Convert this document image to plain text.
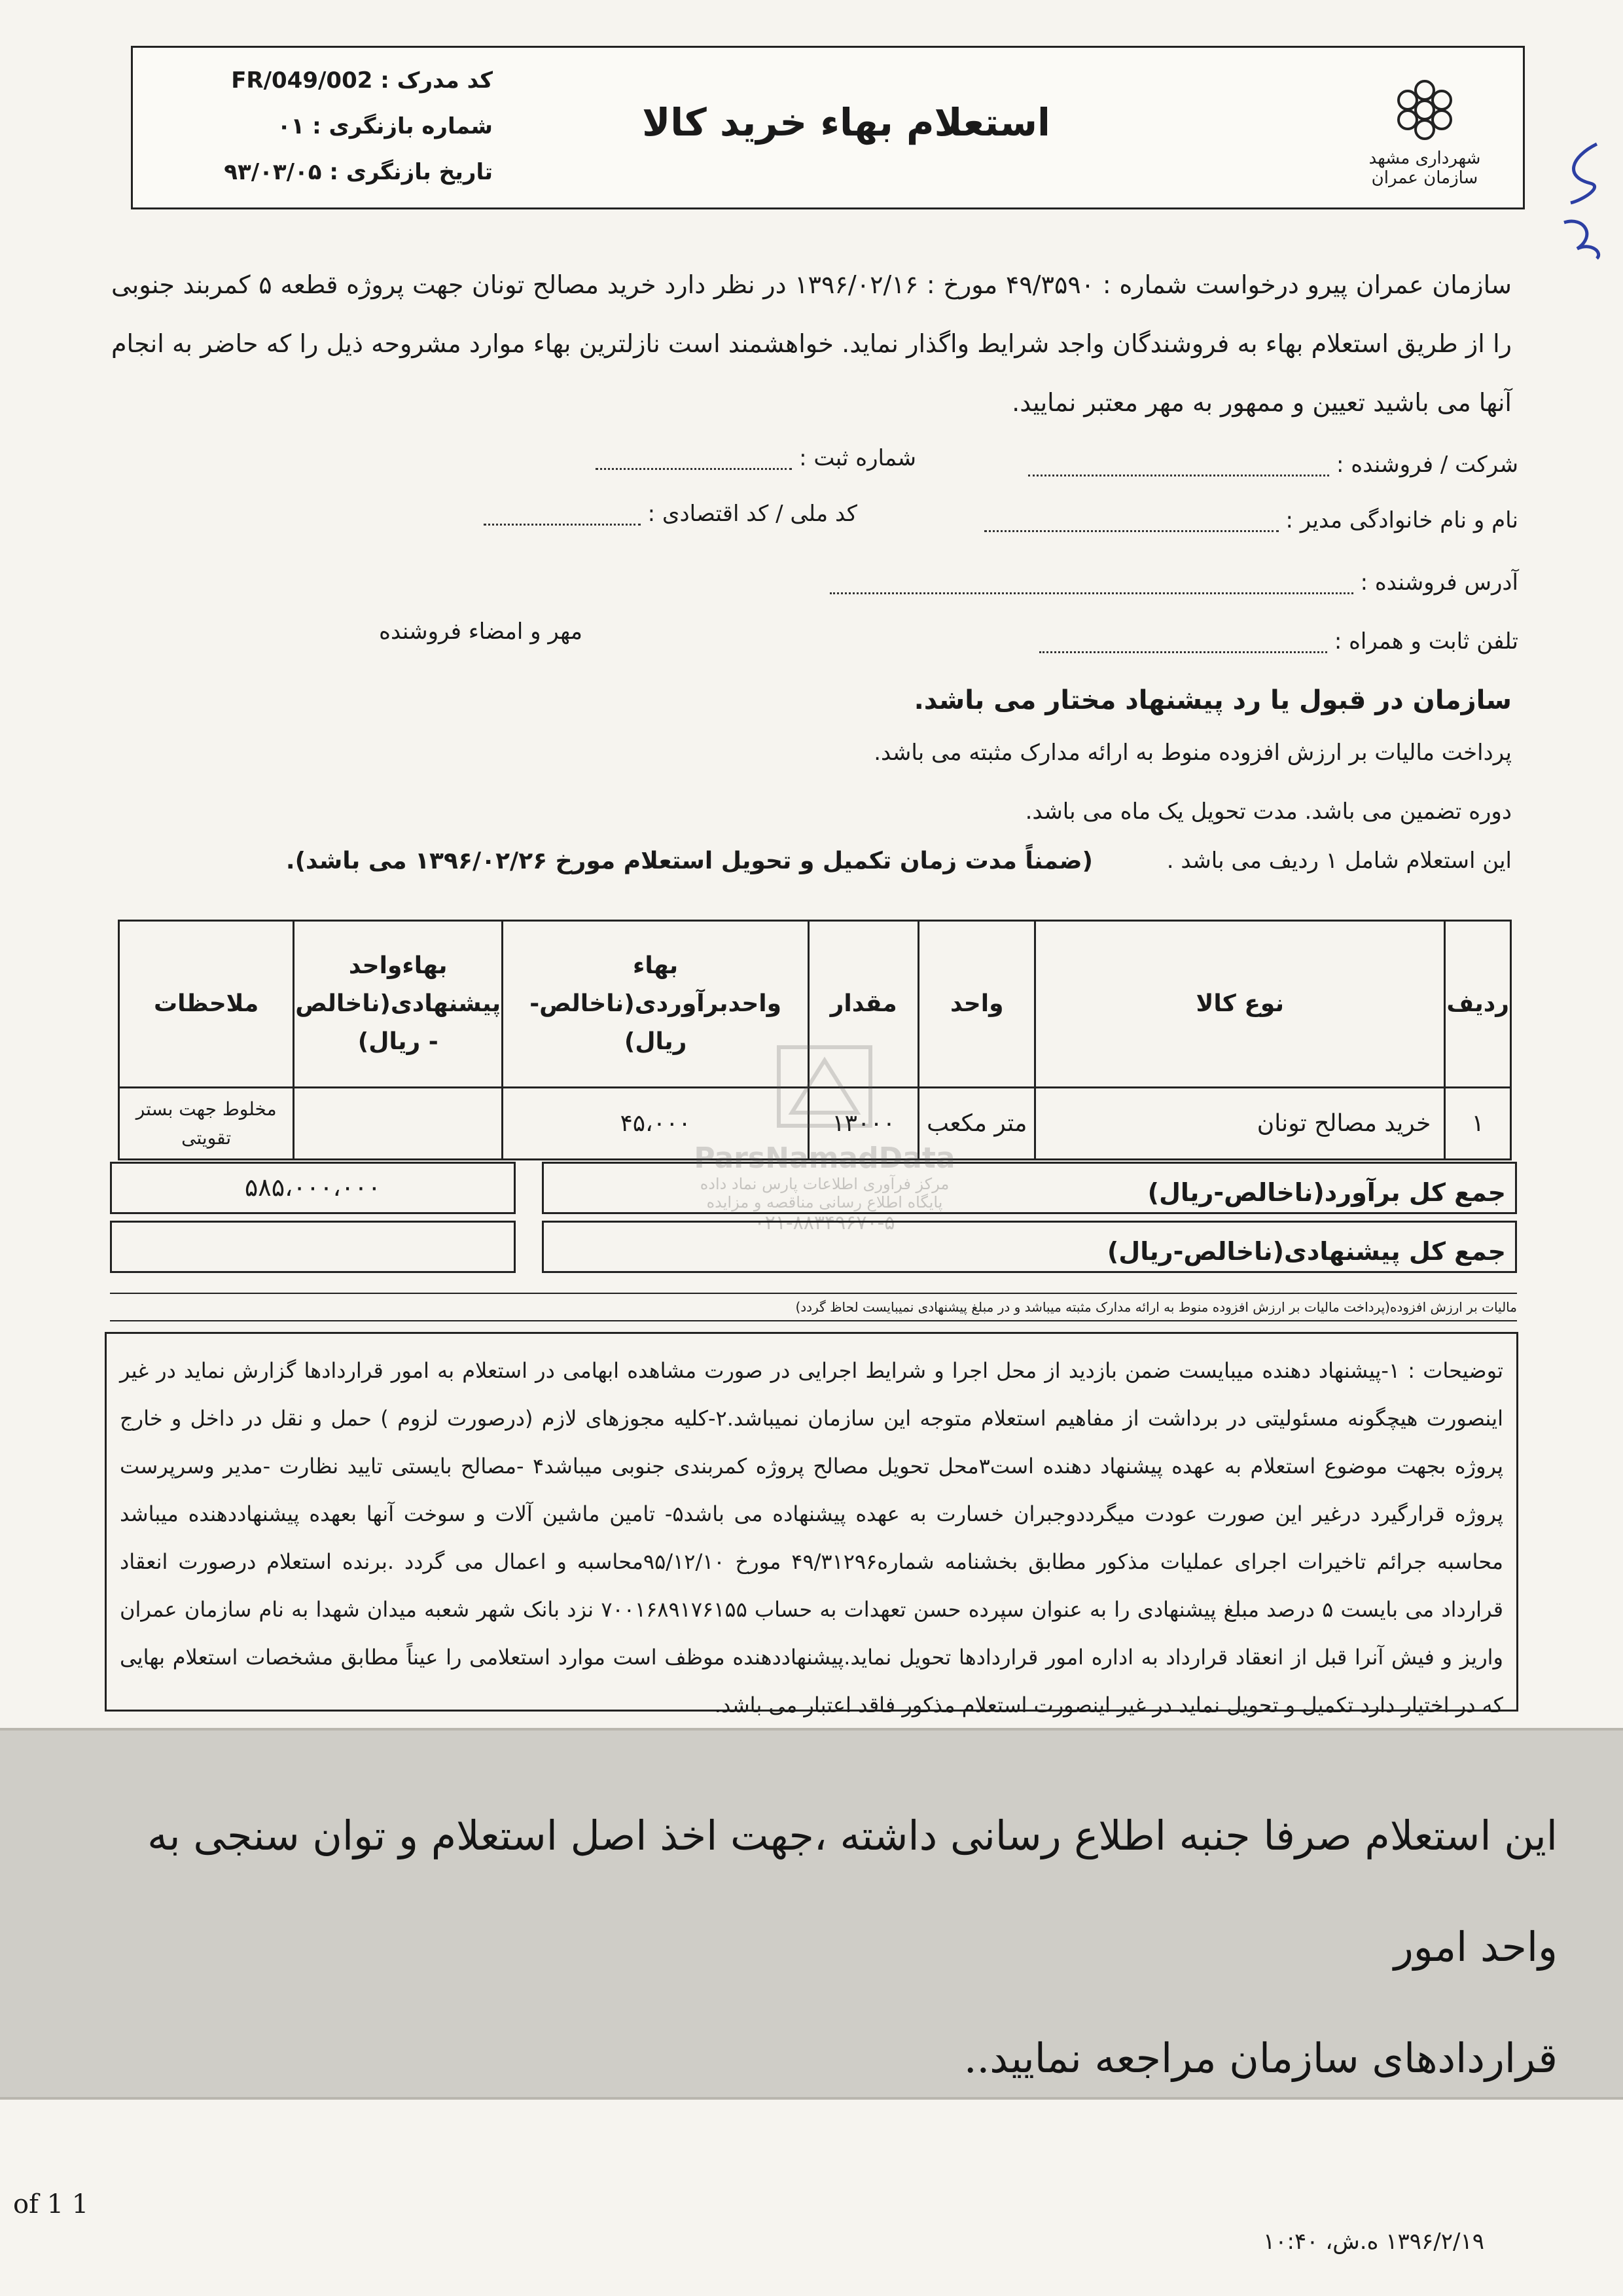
کد مدرک : FR/049/002
شماره بازنگری : ۰۱
تاریخ بازنگری : ۹۳/۰۳/۰۵
استعلام بهاء خرید کالا
شهرداری مشهد
سازمان عمران
سازمان عمران پیرو درخواست شماره : ۴۹/۳۵۹۰ مورخ : ۱۳۹۶/۰۲/۱۶ در نظر دارد خرید مصالح تونان جهت پروژه قطعه ۵ کمربند جنوبی را از طریق استعلام بهاء به فروشندگان واجد شرایط واگذار نماید. خواهشمند است نازلترین بهاء موارد مشروحه ذیل را که حاضر به انجام آنها می باشید تعیین و ممهور به مهر معتبر نمایید.
شرکت / فروشنده :
شماره ثبت :
نام و نام خانوادگی مدیر :
کد ملی / کد اقتصادی :
آدرس فروشنده :
تلفن ثابت و همراه :
مهر و امضاء فروشنده
سازمان در قبول یا رد پیشنهاد مختار می باشد.
پرداخت مالیات بر ارزش افزوده منوط به ارائه مدارک مثبته می باشد.
دوره تضمین می باشد. مدت تحویل یک ماه می باشد.
این استعلام شامل ۱ ردیف می باشد .
(ضمناً مدت زمان تکمیل و تحویل استعلام مورخ ۱۳۹۶/۰۲/۲۶ می باشد).
ردیف	نوع کالا	واحد	مقدار	بهاء واحدبرآوردی(ناخالص-ریال)	بهاءواحد پیشنهادی(ناخالص - ریال)	ملاحظات
۱	خرید مصالح تونان	متر مکعب	۱۳۰۰۰	۴۵،۰۰۰		مخلوط جهت بستر تقویتی
جمع کل برآورد(ناخالص-ریال)
۵۸۵،۰۰۰،۰۰۰
جمع کل پیشنهادی(ناخالص-ریال)
مالیات بر ارزش افزوده(پرداخت مالیات بر ارزش افزوده منوط به ارائه مدارک مثبته میباشد و در مبلغ پیشنهادی نمیبایست لحاظ گردد)
ParsNamadData
مرکز فرآوری اطلاعات پارس نماد داده
پایگاه اطلاع رسانی مناقصه و مزایده
۰۲۱-۸۸۳۴۹۶۷۰-۵
توضیحات : ۱-پیشنهاد دهنده میبایست ضمن بازدید از محل اجرا و شرایط اجرایی در صورت مشاهده ابهامی در استعلام به امور قراردادها گزارش نماید در غیر اینصورت هیچگونه مسئولیتی در برداشت از مفاهیم استعلام متوجه این سازمان نمیباشد.۲-کلیه مجوزهای لازم (درصورت لزوم ) حمل و نقل در داخل و خارج پروژه بجهت موضوع استعلام به عهده پیشنهاد دهنده است۳محل تحویل مصالح پروژه کمربندی جنوبی میباشد۴ -مصالح بایستی تایید نظارت -مدیر وسرپرست پروژه قرارگیرد درغیر این صورت عودت میگرددوجبران خسارت به عهده پیشنهاده می باشد۵- تامین ماشین آلات و سوخت آنها بعهده پیشنهاددهنده میباشد محاسبه جرائم تاخیرات اجرای عملیات مذکور مطابق بخشنامه شماره۴۹/۳۱۲۹۶ مورخ ۹۵/۱۲/۱۰محاسبه و اعمال می گردد .برنده استعلام درصورت انعقاد قرارداد می بایست ۵ درصد مبلغ پیشنهادی را به عنوان سپرده حسن تعهدات به حساب ۷۰۰۱۶۸۹۱۷۶۱۵۵ نزد بانک شهر شعبه میدان شهدا به نام سازمان عمران واریز و فیش آنرا قبل از انعقاد قرارداد به اداره امور قراردادها تحویل نماید.پیشنهاددهنده موظف است موارد استعلامی را عیناً مطابق مشخصات استعلام بهایی که در اختیار دارد تکمیل و تحویل نماید در غیر اینصورت استعلام مذکور فاقد اعتبار می باشد.
این استعلام صرفا جنبه اطلاع رسانی داشته ،جهت اخذ اصل استعلام و توان سنجی به واحد امور
قراردادهای سازمان مراجعه نمایید..
of 1 1
۱۳۹۶/۲/۱۹ ه.ش، ۱۰:۴۰
